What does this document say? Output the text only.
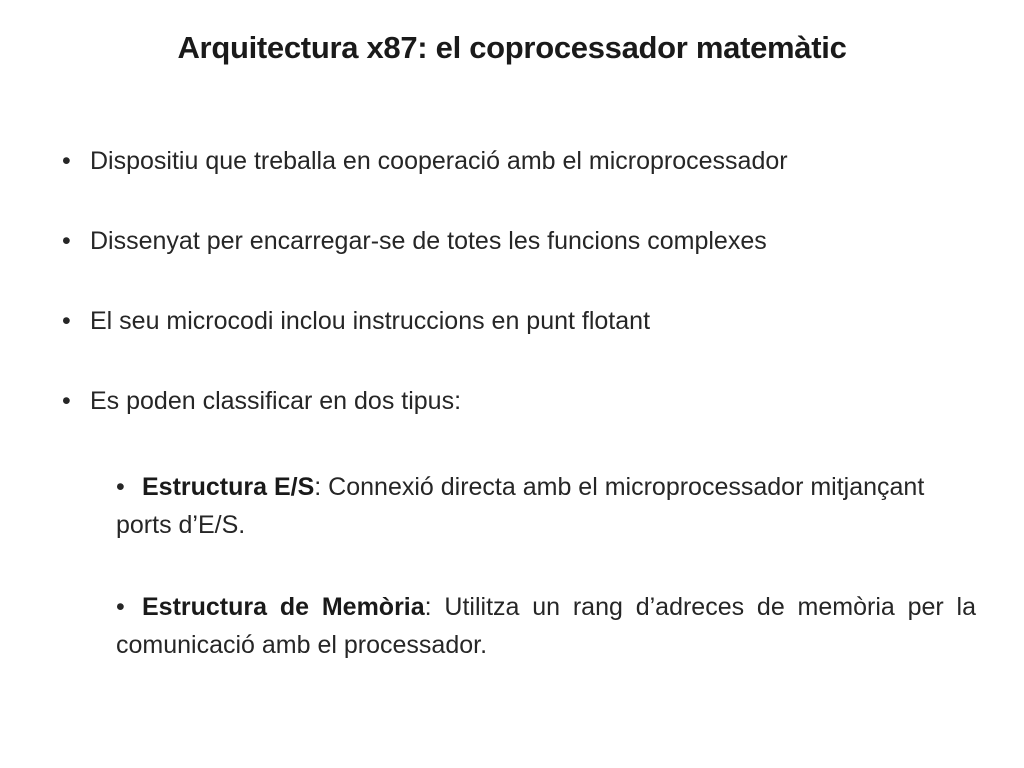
Arquitectura x87: el coprocessador matemàtic
• Dispositiu que treballa en cooperació amb el microprocessador
• Dissenyat per encarregar-se de totes les funcions complexes
• El seu microcodi inclou instruccions en punt flotant
• Es poden classificar en dos tipus:
• Estructura E/S: Connexió directa amb el microprocessador mitjançant ports d’E/S.
• Estructura de Memòria: Utilitza un rang d’adreces de memòria per la comunicació amb el processador.
